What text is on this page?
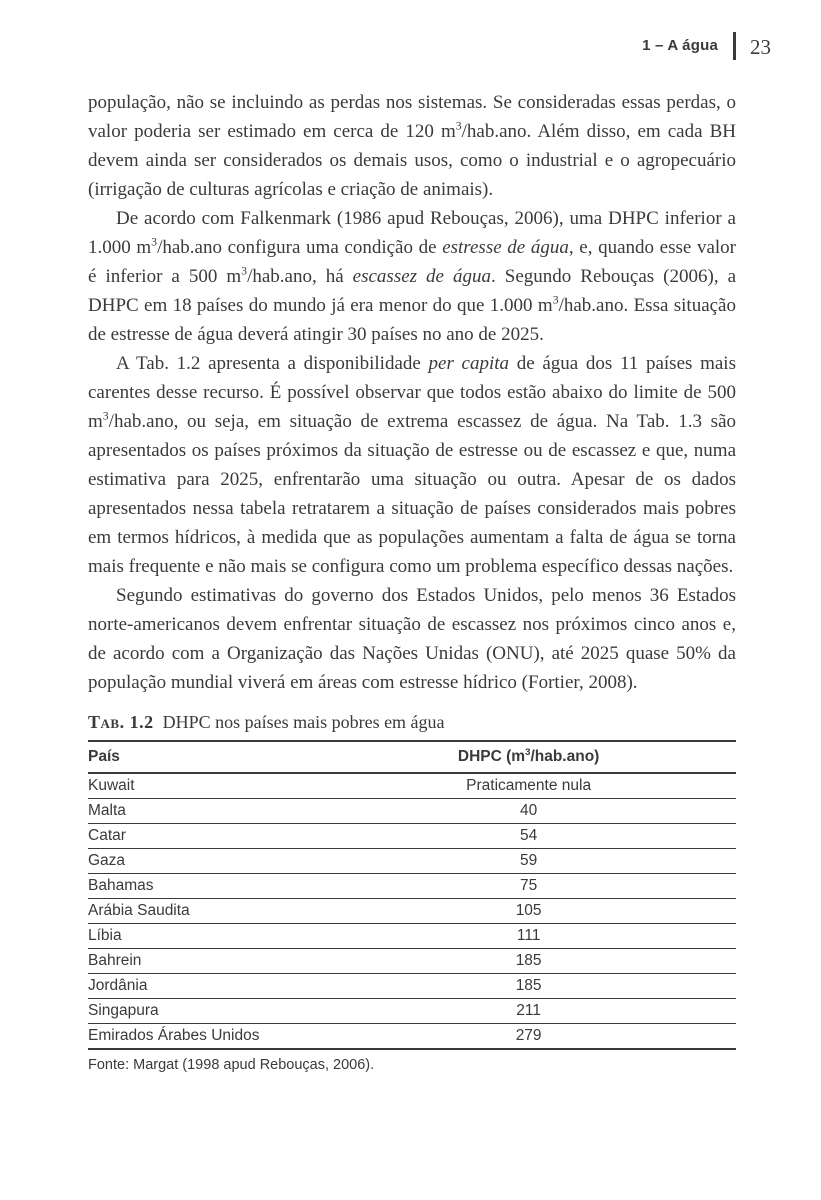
1 – A água 23

população, não se incluindo as perdas nos sistemas. Se consideradas essas perdas, o valor poderia ser estimado em cerca de 120 $m^3/hab.ano$. Além disso, em cada BH devem ainda ser considerados os demais usos, como o industrial e o agropecuário (irrigação de culturas agrícolas e criação de animais).

De acordo com Falkenmark (1986 apud Rebouças, 2006), uma DHPC inferior a 1.000 $m^3/hab.ano$ configura uma condição de estresse de água, e, quando esse valor é inferior a 500 $m^3/hab.ano$, há escassez de água. Segundo Rebouças (2006), a DHPC em 18 países do mundo já era menor do que 1.000 $m^3/hab.ano$. Essa situação de estresse de água deverá atingir 30 países no ano de 2025.

A Tab. 1.2 apresenta a disponibilidade per capita de água dos 11 países mais carentes desse recurso. É possível observar que todos estão abaixo do limite de 500 $m^3/hab.ano$, ou seja, em situação de extrema escassez de água. Na Tab. 1.3 são apresentados os países próximos da situação de estresse ou de escassez e que, numa estimativa para 2025, enfrentarão uma situação ou outra. Apesar de os dados apresentados nessa tabela retratarem a situação de países considerados mais pobres em termos hídricos, à medida que as populações aumentam a falta de água se torna mais frequente e não mais se configura como um problema específico dessas nações.

Segundo estimativas do governo dos Estados Unidos, pelo menos 36 Estados norte-americanos devem enfrentar situação de escassez nos próximos cinco anos e, de acordo com a Organização das Nações Unidas (ONU), até 2025 quase 50% da população mundial viverá em áreas com estresse hídrico (Fortier, 2008).

Tab. 1.2 DHPC nos países mais pobres em água
País	DHPC $(m^3/hab.ano)$
Kuwait	Praticamente nula
Malta	40
Catar	54
Gaza	59
Bahamas	75
Arábia Saudita	105
Líbia	111
Bahrein	185
Jordânia	185
Singapura	211
Emirados Árabes Unidos	279
Fonte: Margat (1998 apud Rebouças, 2006).
